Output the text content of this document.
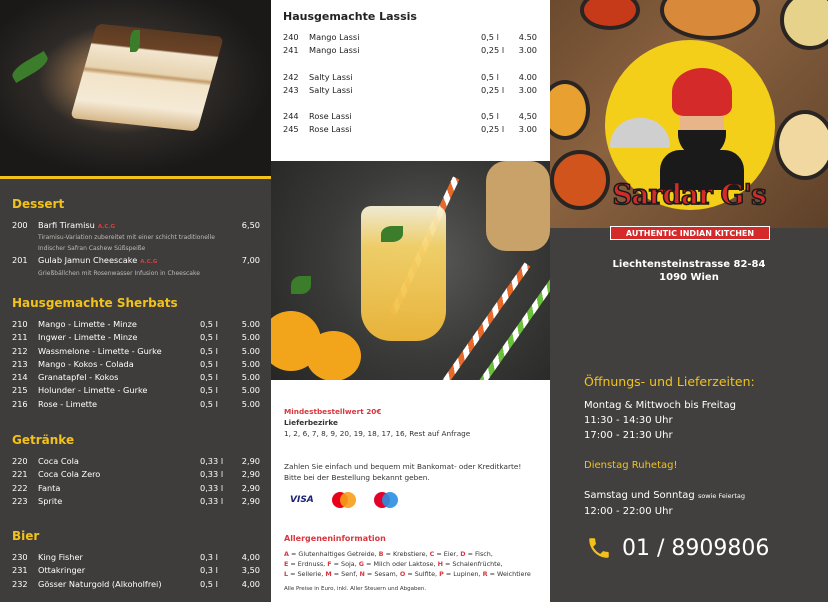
Dessert
200 Barfi Tiramisu A.C.G	6,50
Tiramisu-Variation zubereitet mit einer schicht traditionelle
Indischer Safran Cashew Süßspeiße
201 Gulab Jamun Cheescake A.C.G	7,00
Grießbällchen mit Rosenwasser Infusion in Cheescake
Hausgemachte Sherbats
210 Mango - Limette - Minze	0,5 l	5.00
211 Ingwer - Limette - Minze	0,5 l	5.00
212 Wassmelone - Limette - Gurke	0,5 l	5.00
213 Mango - Kokos - Colada	0,5 l	5.00
214 Granatapfel - Kokos	0,5 l	5.00
215 Holunder - Limette - Gurke	0,5 l	5.00
216 Rose - Limette	0,5 l	5.00
Getränke
220 Coca Cola	0,33 l 2,90
221 Coca Cola Zero	0,33 l 2,90
222 Fanta	0,33 l 2,90
223 Sprite	0,33 l 2,90
Bier
230 King Fisher	0,3 l	4,00
231 Ottakringer	0,3 l	3,50
232 Gösser Naturgold (Alkoholfrei)	0,5 l	4,00
Hausgemachte Lassis
240 Mango Lassi	0,5 l 4.50
241 Mango Lassi	0,25 l 3.00
242 Salty Lassi	0,5 l 4.00
243 Salty Lassi	0,25 l 3.00
244 Rose Lassi	0,5 l 4,50
245 Rose Lassi	0,25 l 3.00
Mindestbestellwert 20€
Lieferbezirke
1, 2, 6, 7, 8, 9, 20, 19, 18, 17, 16, Rest auf Anfrage
Zahlen Sie einfach und bequem mit Bankomat- oder Kreditkarte!
Bitte bei der Bestellung bekannt geben.
VISA
Allergeneninformation
A = Glutenhaltiges Getreide, B = Krebstiere, C = Eier, D = Fisch,
E = Erdnuss, F = Soja, G = Milch oder Laktose, H = Schalenfrüchte,
L = Sellerie, M = Senf, N = Sesam, O = Sulfite, P = Lupinen, R = Weichtiere
Alle Preise in Euro, inkl. Aller Steuern und Abgaben.
Sardar G's
AUTHENTIC INDIAN KITCHEN
Liechtensteinstrasse 82-84
1090 Wien
Öffnungs- und Lieferzeiten:
Montag & Mittwoch bis Freitag
11:30 - 14:30 Uhr
17:00 - 21:30 Uhr
Dienstag Ruhetag!
Samstag und Sonntag sowie Feiertag
12:00 - 22:00 Uhr
01 / 8909806
